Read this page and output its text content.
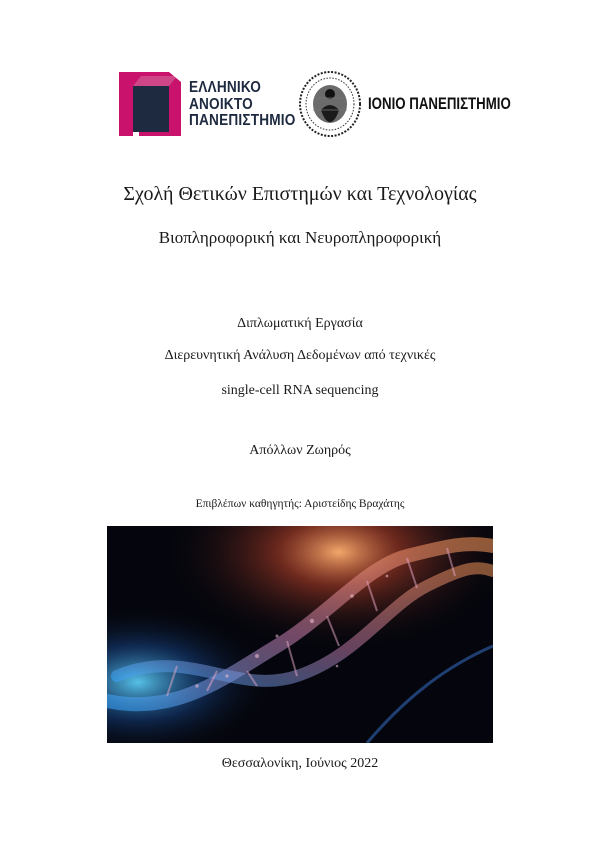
ΕΛΛΗΝΙΚΟ
ΑΝΟΙΚΤΟ
ΠΑΝΕΠΙΣΤΗΜΙΟ
ΙΟΝΙΟ ΠΑΝΕΠΙΣΤΗΜΙΟ
Σχολή Θετικών Επιστημών και Τεχνολογίας
Βιοπληροφορική και Νευροπληροφορική
Διπλωματική Εργασία
Διερευνητική Ανάλυση Δεδομένων από τεχνικές
single-cell RNA sequencing
Απόλλων Ζωηρός
Επιβλέπων καθηγητής: Αριστείδης Βραχάτης
Θεσσαλονίκη, Ιούνιος 2022
